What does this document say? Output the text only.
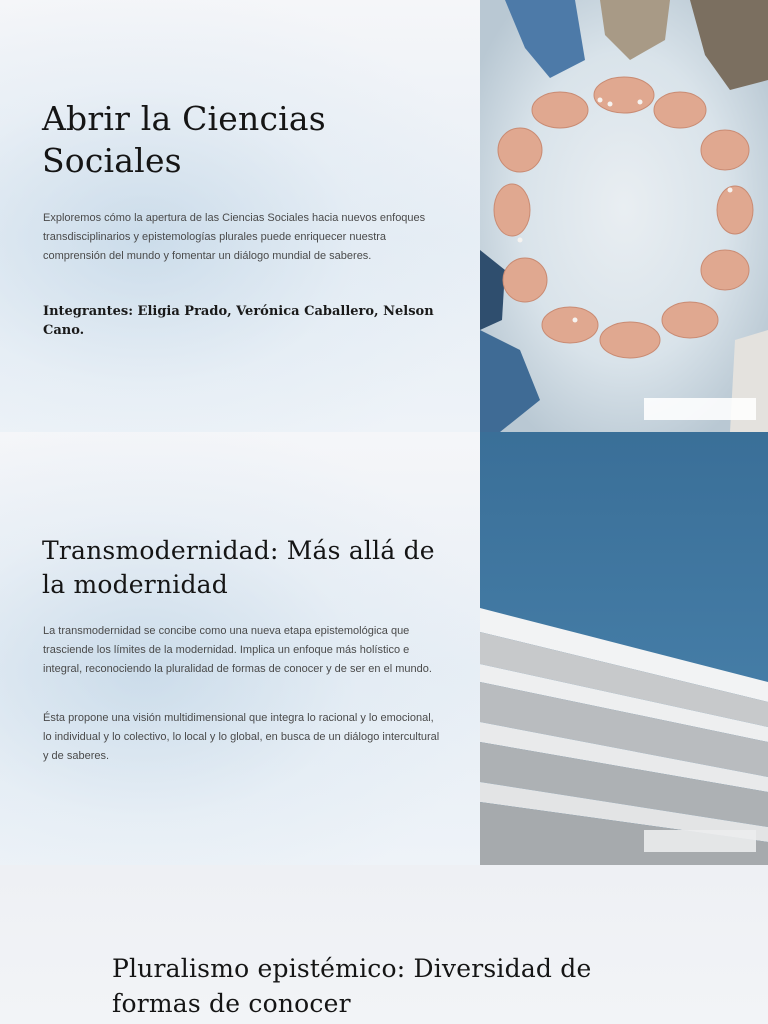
Abrir la Ciencias Sociales

Exploremos cómo la apertura de las Ciencias Sociales hacia nuevos enfoques transdisciplinarios y epistemologías plurales puede enriquecer nuestra comprensión del mundo y fomentar un diálogo mundial de saberes.

Integrantes: Eligia Prado, Verónica Caballero, Nelson Cano.

Transmodernidad: Más allá de la modernidad

La transmodernidad se concibe como una nueva etapa epistemológica que trasciende los límites de la modernidad. Implica un enfoque más holístico e integral, reconociendo la pluralidad de formas de conocer y de ser en el mundo.

Ésta propone una visión multidimensional que integra lo racional y lo emocional, lo individual y lo colectivo, lo local y lo global, en busca de un diálogo intercultural y de saberes.

Pluralismo epistémico: Diversidad de formas de conocer
